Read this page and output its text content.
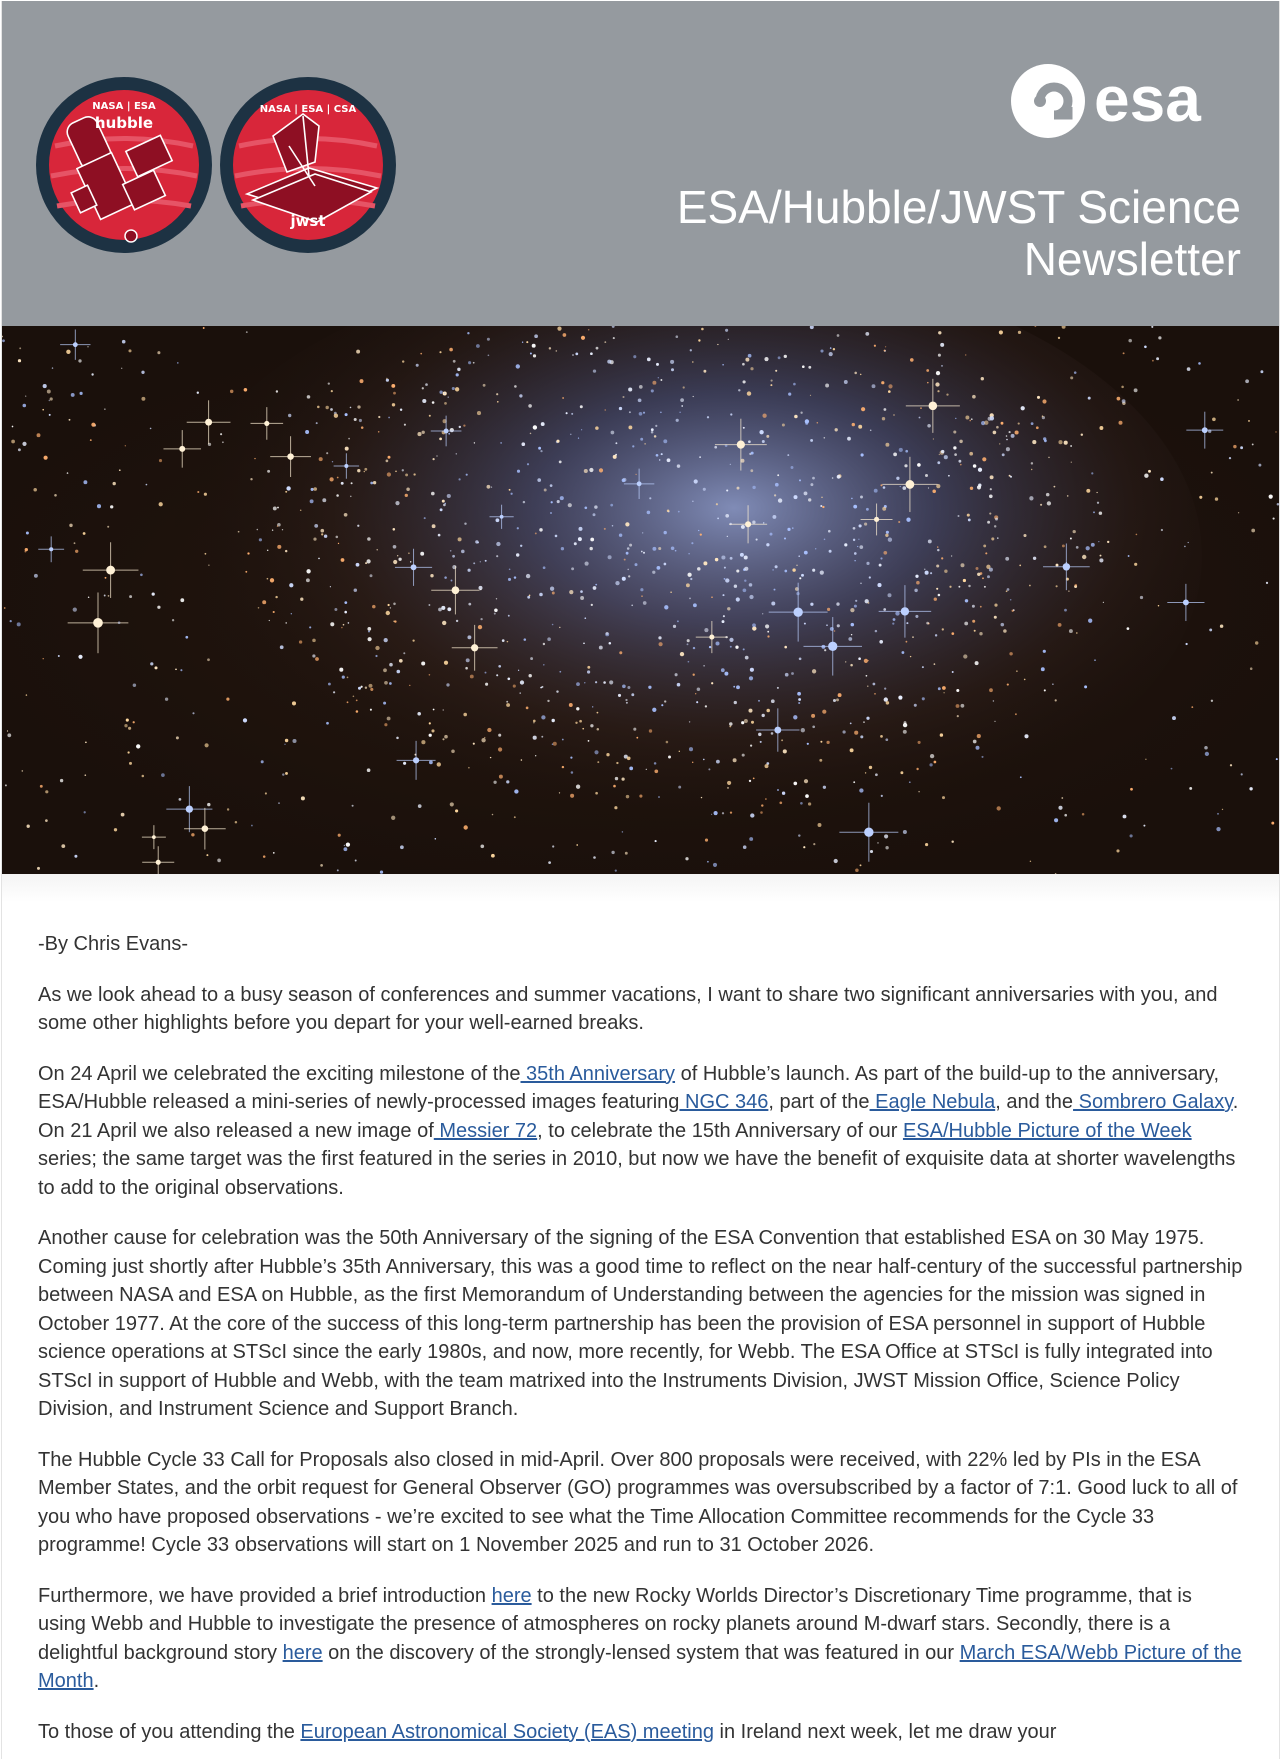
NASA | ESA
hubble
NASA | ESA | CSA
jwst
esa
ESA/Hubble/JWST Science
Newsletter

-By Chris Evans-

As we look ahead to a busy season of conferences and summer vacations, I want to share two significant anniversaries with you, and some other highlights before you depart for your well-earned breaks.

On 24 April we celebrated the exciting milestone of the 35th Anniversary of Hubble’s launch. As part of the build-up to the anniversary, ESA/Hubble released a mini-series of newly-processed images featuring NGC 346, part of the Eagle Nebula, and the Sombrero Galaxy. On 21 April we also released a new image of Messier 72, to celebrate the 15th Anniversary of our ESA/Hubble Picture of the Week series; the same target was the first featured in the series in 2010, but now we have the benefit of exquisite data at shorter wavelengths to add to the original observations.

Another cause for celebration was the 50th Anniversary of the signing of the ESA Convention that established ESA on 30 May 1975. Coming just shortly after Hubble’s 35th Anniversary, this was a good time to reflect on the near half-century of the successful partnership between NASA and ESA on Hubble, as the first Memorandum of Understanding between the agencies for the mission was signed in October 1977. At the core of the success of this long-term partnership has been the provision of ESA personnel in support of Hubble science operations at STScI since the early 1980s, and now, more recently, for Webb. The ESA Office at STScI is fully integrated into STScI in support of Hubble and Webb, with the team matrixed into the Instruments Division, JWST Mission Office, Science Policy Division, and Instrument Science and Support Branch.

The Hubble Cycle 33 Call for Proposals also closed in mid-April. Over 800 proposals were received, with 22% led by PIs in the ESA Member States, and the orbit request for General Observer (GO) programmes was oversubscribed by a factor of 7:1. Good luck to all of you who have proposed observations - we’re excited to see what the Time Allocation Committee recommends for the Cycle 33 programme! Cycle 33 observations will start on 1 November 2025 and run to 31 October 2026.

Furthermore, we have provided a brief introduction here to the new Rocky Worlds Director’s Discretionary Time programme, that is using Webb and Hubble to investigate the presence of atmospheres on rocky planets around M-dwarf stars. Secondly, there is a delightful background story here on the discovery of the strongly-lensed system that was featured in our March ESA/Webb Picture of the Month.

To those of you attending the European Astronomical Society (EAS) meeting in Ireland next week, let me draw your
